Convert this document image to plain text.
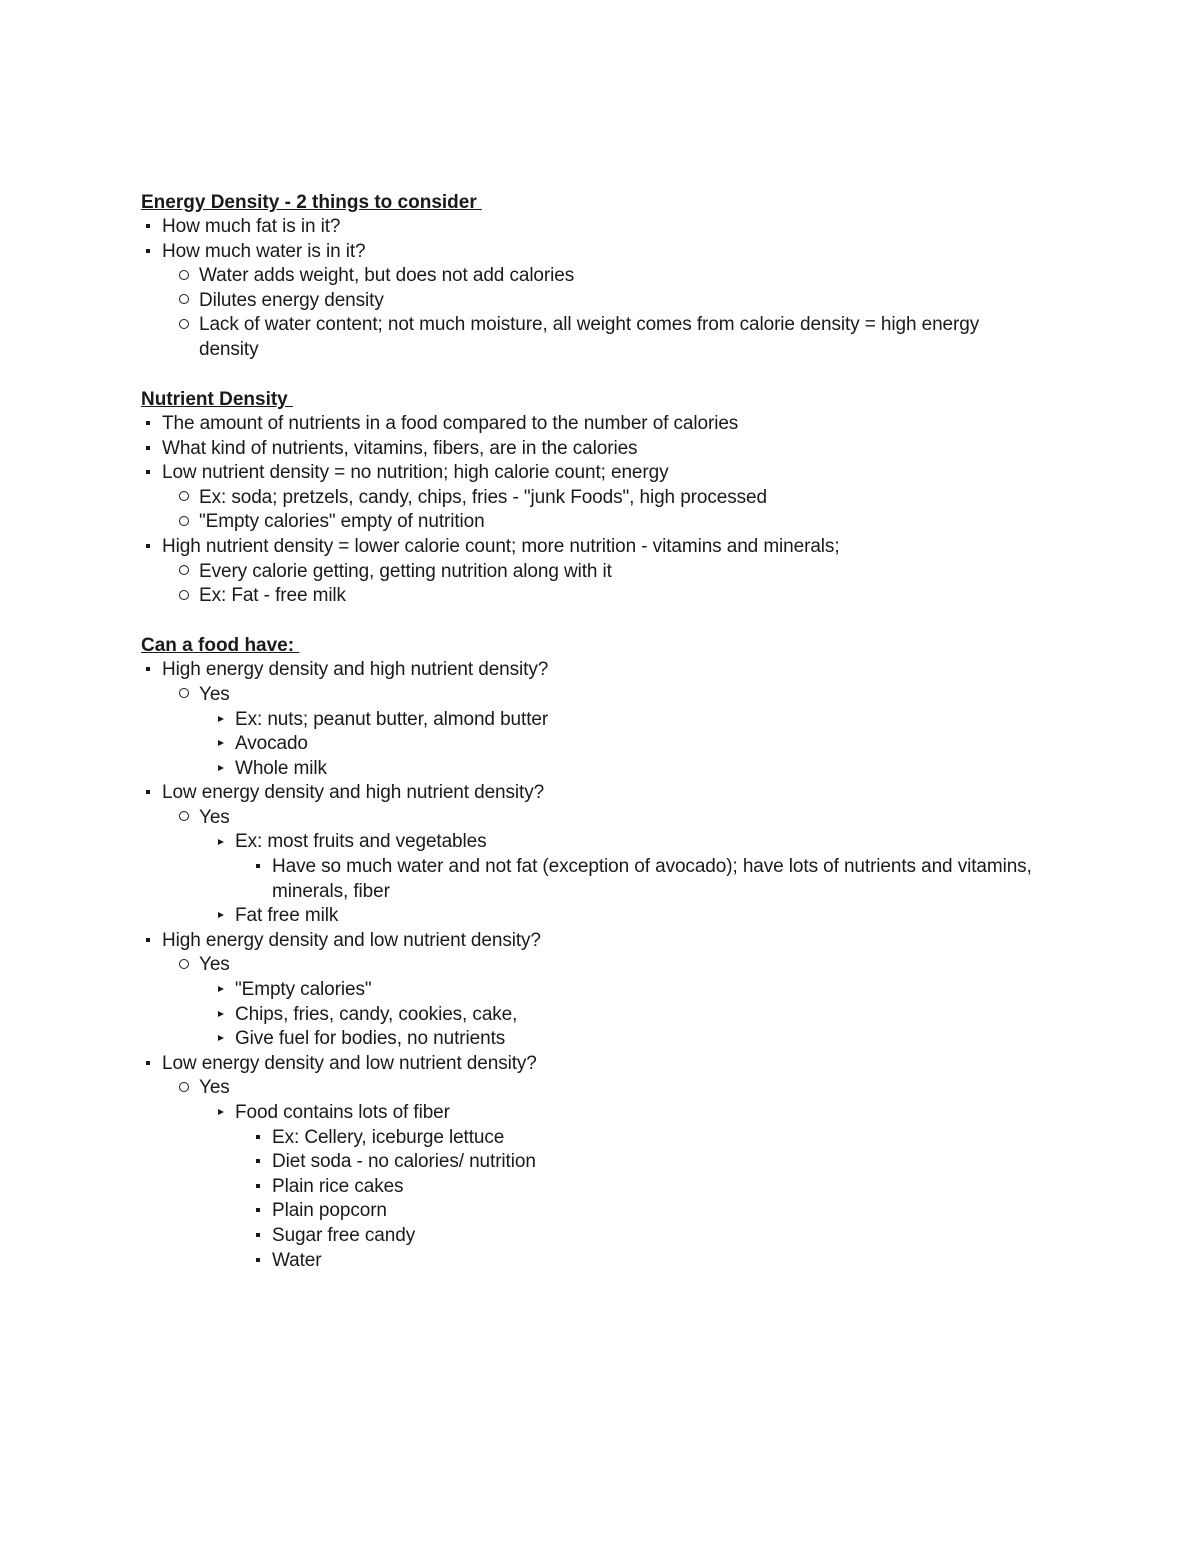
Energy Density - 2 things to consider
How much fat is in it?
How much water is in it?
Water adds weight, but does not add calories
Dilutes energy density
Lack of water content; not much moisture, all weight comes from calorie density = high energy density
Nutrient Density
The amount of nutrients in a food compared to the number of calories
What kind of nutrients, vitamins, fibers, are in the calories
Low nutrient density = no nutrition; high calorie count; energy
Ex: soda; pretzels, candy, chips, fries - "junk Foods", high processed
"Empty calories" empty of nutrition
High nutrient density = lower calorie count; more nutrition - vitamins and minerals;
Every calorie getting, getting nutrition along with it
Ex: Fat - free milk
Can a food have:
High energy density and high nutrient density?
Yes
Ex: nuts; peanut butter, almond butter
Avocado
Whole milk
Low energy density and high nutrient density?
Yes
Ex: most fruits and vegetables
Have so much water and not fat (exception of avocado); have lots of nutrients and vitamins, minerals, fiber
Fat free milk
High energy density and low nutrient density?
Yes
"Empty calories"
Chips, fries, candy, cookies, cake,
Give fuel for bodies, no nutrients
Low energy density and low nutrient density?
Yes
Food contains lots of fiber
Ex: Cellery, iceburge lettuce
Diet soda - no calories/ nutrition
Plain rice cakes
Plain popcorn
Sugar free candy
Water
